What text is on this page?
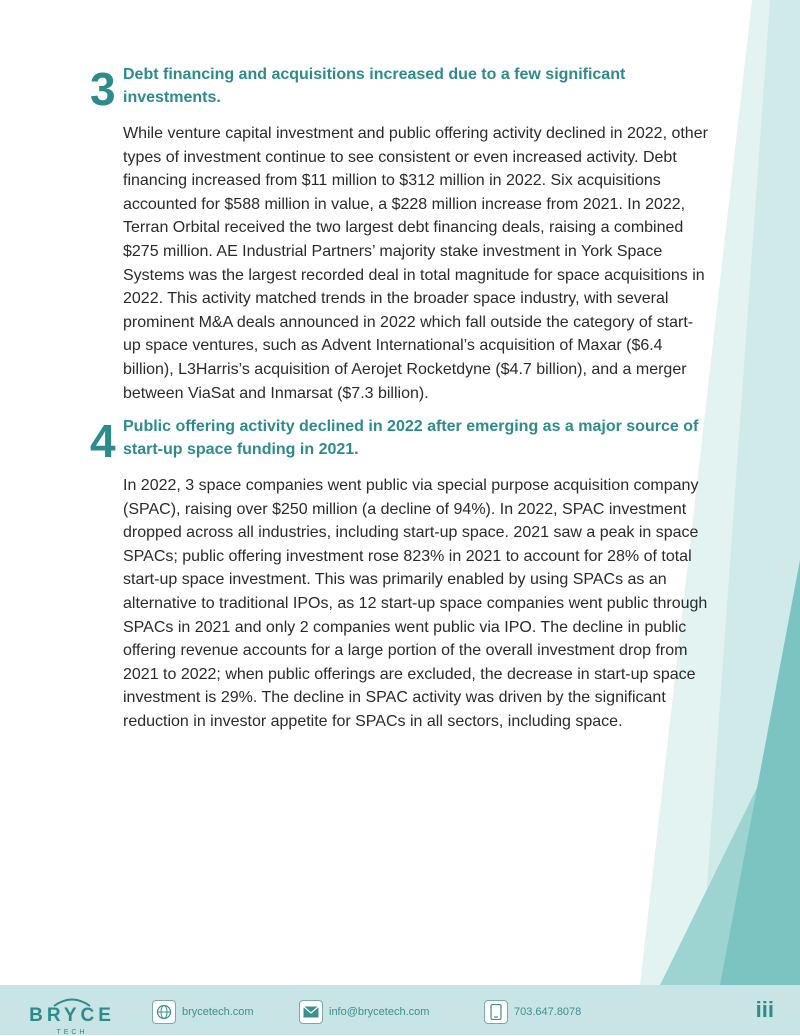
3 Debt financing and acquisitions increased due to a few significant investments.

While venture capital investment and public offering activity declined in 2022, other types of investment continue to see consistent or even increased activity. Debt financing increased from $11 million to $312 million in 2022. Six acquisitions accounted for $588 million in value, a $228 million increase from 2021. In 2022, Terran Orbital received the two largest debt financing deals, raising a combined $275 million. AE Industrial Partners’ majority stake investment in York Space Systems was the largest recorded deal in total magnitude for space acquisitions in 2022. This activity matched trends in the broader space industry, with several prominent M&A deals announced in 2022 which fall outside the category of start-up space ventures, such as Advent International’s acquisition of Maxar ($6.4 billion), L3Harris’s acquisition of Aerojet Rocketdyne ($4.7 billion), and a merger between ViaSat and Inmarsat ($7.3 billion).

4 Public offering activity declined in 2022 after emerging as a major source of start-up space funding in 2021.

In 2022, 3 space companies went public via special purpose acquisition company (SPAC), raising over $250 million (a decline of 94%). In 2022, SPAC investment dropped across all industries, including start-up space. 2021 saw a peak in space SPACs; public offering investment rose 823% in 2021 to account for 28% of total start-up space investment. This was primarily enabled by using SPACs as an alternative to traditional IPOs, as 12 start-up space companies went public through SPACs in 2021 and only 2 companies went public via IPO. The decline in public offering revenue accounts for a large portion of the overall investment drop from 2021 to 2022; when public offerings are excluded, the decrease in start-up space investment is 29%. The decline in SPAC activity was driven by the significant reduction in investor appetite for SPACs in all sectors, including space.

BRYCE
TECH
brycetech.com	info@brycetech.com	703.647.8078	iii
